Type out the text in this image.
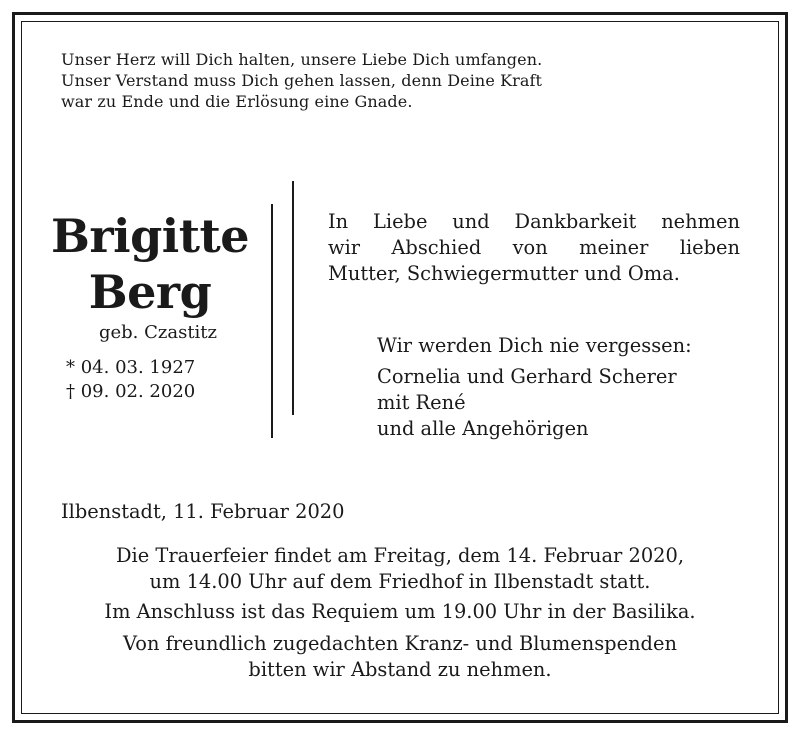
Unser Herz will Dich halten, unsere Liebe Dich umfangen.
Unser Verstand muss Dich gehen lassen, denn Deine Kraft
war zu Ende und die Erlösung eine Gnade.
Brigitte
Berg
geb. Czastitz
* 04. 03. 1927
† 09. 02. 2020
In Liebe und Dankbarkeit nehmen
wir Abschied von meiner lieben
Mutter, Schwiegermutter und Oma.
Wir werden Dich nie vergessen:
Cornelia und Gerhard Scherer
mit René
und alle Angehörigen
Ilbenstadt, 11. Februar 2020
Die Trauerfeier findet am Freitag, dem 14. Februar 2020,
um 14.00 Uhr auf dem Friedhof in Ilbenstadt statt.
Im Anschluss ist das Requiem um 19.00 Uhr in der Basilika.
Von freundlich zugedachten Kranz- und Blumenspenden
bitten wir Abstand zu nehmen.
